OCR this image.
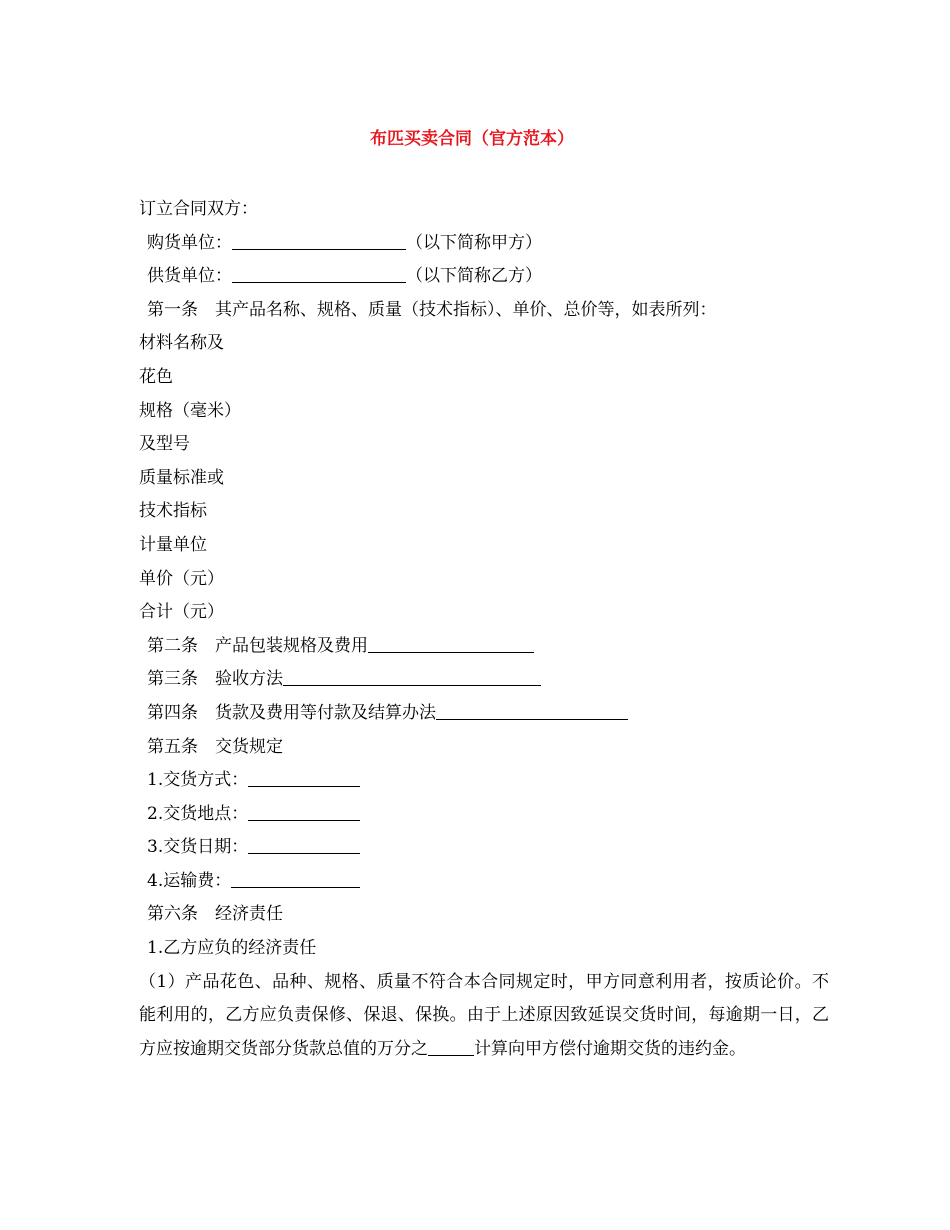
布匹买卖合同（官方范本）
订立合同双方：
购货单位：	（以下简称甲方）
供货单位：	（以下简称乙方）
第一条 其产品名称、规格、质量（技术指标）、单价、总价等，如表所列：
材料名称及
花色
规格（毫米）
及型号
质量标准或
技术指标
计量单位
单价（元）
合计（元）
第二条 产品包装规格及费用
第三条 验收方法
第四条 货款及费用等付款及结算办法
第五条 交货规定
1.交货方式：
2.交货地点：
3.交货日期：
4.运输费：
第六条 经济责任
1.乙方应负的经济责任
（1）产品花色、品种、规格、质量不符合本合同规定时，甲方同意利用者，按质论价。不能利用的，乙方应负责保修、保退、保换。由于上述原因致延误交货时间，每逾期一日，乙方应按逾期交货部分货款总值的万分之	计算向甲方偿付逾期交货的违约金。
